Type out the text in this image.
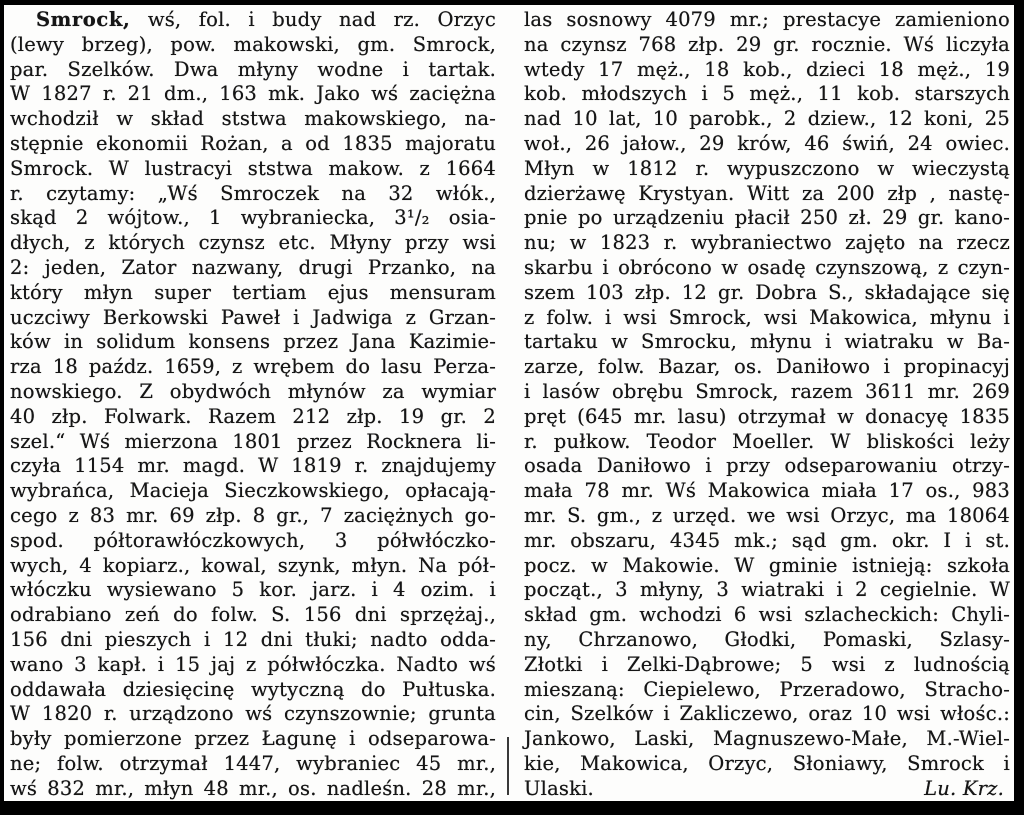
Smrock, wś, fol. i budy nad rz. Orzyc
(lewy brzeg), pow. makowski, gm. Smrock,
par. Szelków. Dwa młyny wodne i tartak.
W 1827 r. 21 dm., 163 mk. Jako wś zaciężna
wchodził w skład ststwa makowskiego, na-
stępnie ekonomii Rożan, a od 1835 majoratu
Smrock. W lustracyi ststwa makow. z 1664
r. czytamy: „Wś Smroczek na 32 włók.,
skąd 2 wójtow., 1 wybraniecka, 3¹/₂ osia-
dłych, z których czynsz etc. Młyny przy wsi
2: jeden, Zator nazwany, drugi Przanko, na
który młyn super tertiam ejus mensuram
uczciwy Berkowski Paweł i Jadwiga z Grzan-
ków in solidum konsens przez Jana Kazimie-
rza 18 paźdz. 1659, z wrębem do lasu Perza-
nowskiego. Z obydwóch młynów za wymiar
40 złp. Folwark. Razem 212 złp. 19 gr. 2
szel.“ Wś mierzona 1801 przez Rocknera li-
czyła 1154 mr. magd. W 1819 r. znajdujemy
wybrańca, Macieja Sieczkowskiego, opłacają-
cego z 83 mr. 69 złp. 8 gr., 7 zaciężnych go-
spod. półtorawłóczkowych, 3 półwłóczko-
wych, 4 kopiarz., kowal, szynk, młyn. Na pół-
włóczku wysiewano 5 kor. jarz. i 4 ozim. i
odrabiano zeń do folw. S. 156 dni sprzężaj.,
156 dni pieszych i 12 dni tłuki; nadto odda-
wano 3 kapł. i 15 jaj z półwłóczka. Nadto wś
oddawała dziesięcinę wytyczną do Pułtuska.
W 1820 r. urządzono wś czynszownie; grunta
były pomierzone przez Łagunę i odseparowa-
ne; folw. otrzymał 1447, wybraniec 45 mr.,
wś 832 mr., młyn 48 mr., os. nadleśn. 28 mr.,
las sosnowy 4079 mr.; prestacye zamieniono
na czynsz 768 złp. 29 gr. rocznie. Wś liczyła
wtedy 17 męż., 18 kob., dzieci 18 męż., 19
kob. młodszych i 5 męż., 11 kob. starszych
nad 10 lat, 10 parobk., 2 dziew., 12 koni, 25
woł., 26 jałow., 29 krów, 46 świń, 24 owiec.
Młyn w 1812 r. wypuszczono w wieczystą
dzierżawę Krystyan. Witt za 200 złp , nastę-
pnie po urządzeniu płacił 250 zł. 29 gr. kano-
nu; w 1823 r. wybraniectwo zajęto na rzecz
skarbu i obrócono w osadę czynszową, z czyn-
szem 103 złp. 12 gr. Dobra S., składające się
z folw. i wsi Smrock, wsi Makowica, młynu i
tartaku w Smrocku, młynu i wiatraku w Ba-
zarze, folw. Bazar, os. Daniłowo i propinacyj
i lasów obrębu Smrock, razem 3611 mr. 269
pręt (645 mr. lasu) otrzymał w donacyę 1835
r. pułkow. Teodor Moeller. W bliskości leży
osada Daniłowo i przy odseparowaniu otrzy-
mała 78 mr. Wś Makowica miała 17 os., 983
mr. S. gm., z urzęd. we wsi Orzyc, ma 18064
mr. obszaru, 4345 mk.; sąd gm. okr. I i st.
pocz. w Makowie. W gminie istnieją: szkoła
począt., 3 młyny, 3 wiatraki i 2 cegielnie. W
skład gm. wchodzi 6 wsi szlacheckich: Chyli-
ny, Chrzanowo, Głodki, Pomaski, Szlasy-
Złotki i Zelki-Dąbrowe; 5 wsi z ludnością
mieszaną: Ciepielewo, Przeradowo, Stracho-
cin, Szelków i Zakliczewo, oraz 10 wsi włośc.:
Jankowo, Laski, Magnuszewo-Małe, M.-Wiel-
kie, Makowica, Orzyc, Słoniawy, Smrock i
Ulaski.	Lu. Krz.
